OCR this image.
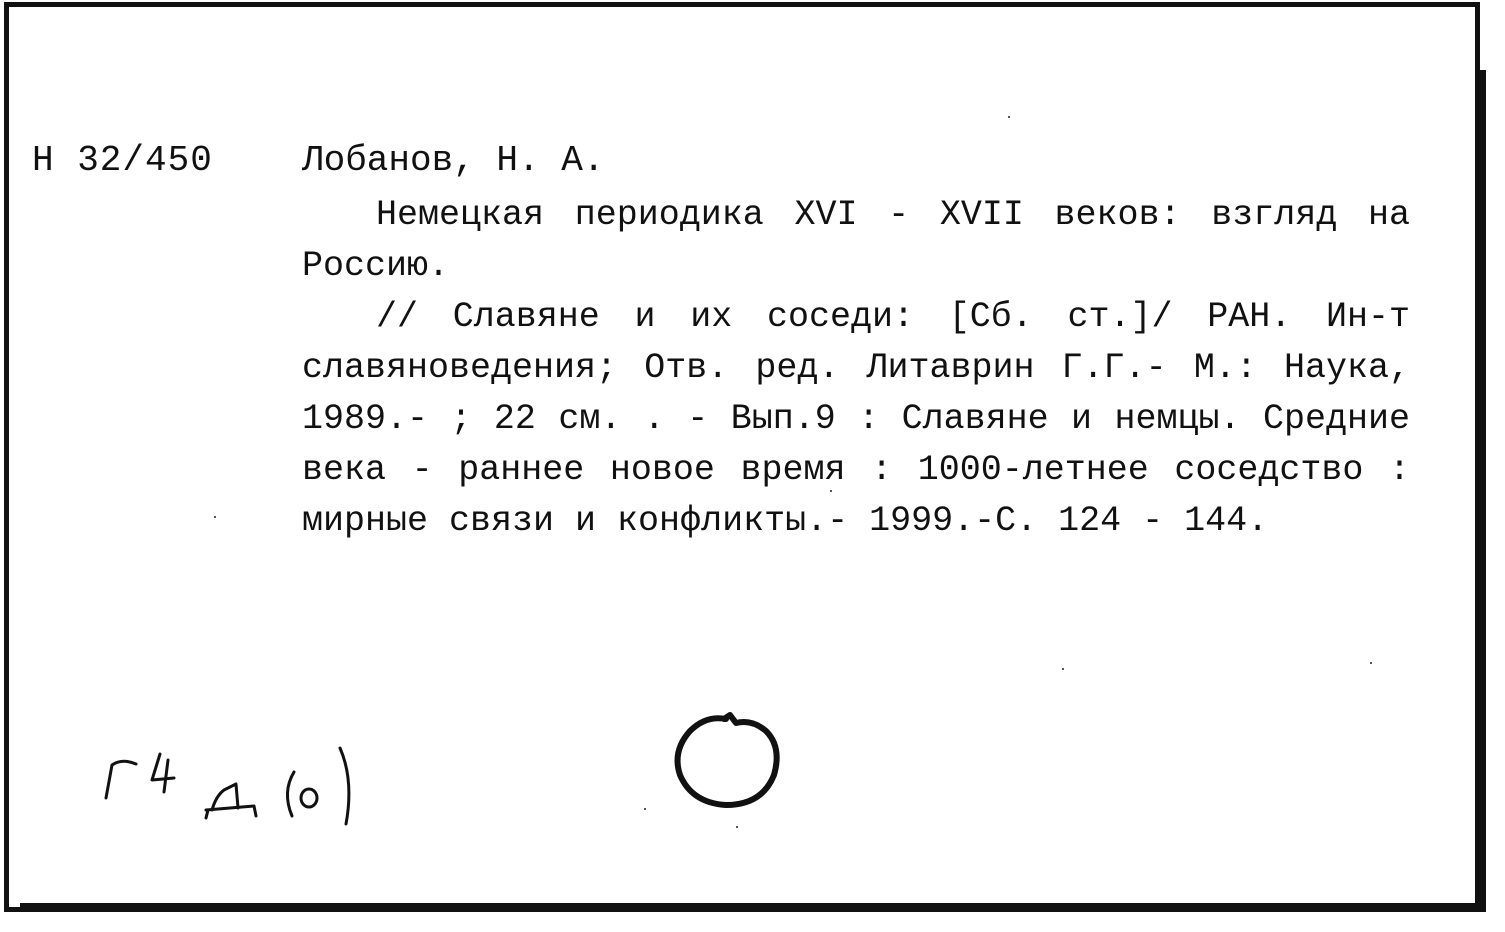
Н 32/450 Лобанов, Н. А.

Немецкая периодика XVI - XVII веков: взгляд на Россию.

// Славяне и их соседи: [Сб. ст.]/ РАН. Ин-т славяноведения; Отв. ред. Литаврин Г.Г.- М.: Наука, 1989.- ; 22 см. . - Вып.9 : Славяне и немцы. Средние века - раннее новое время : 1000-летнее соседство : мирные связи и конфликты.- 1999.-С. 124 - 144.
